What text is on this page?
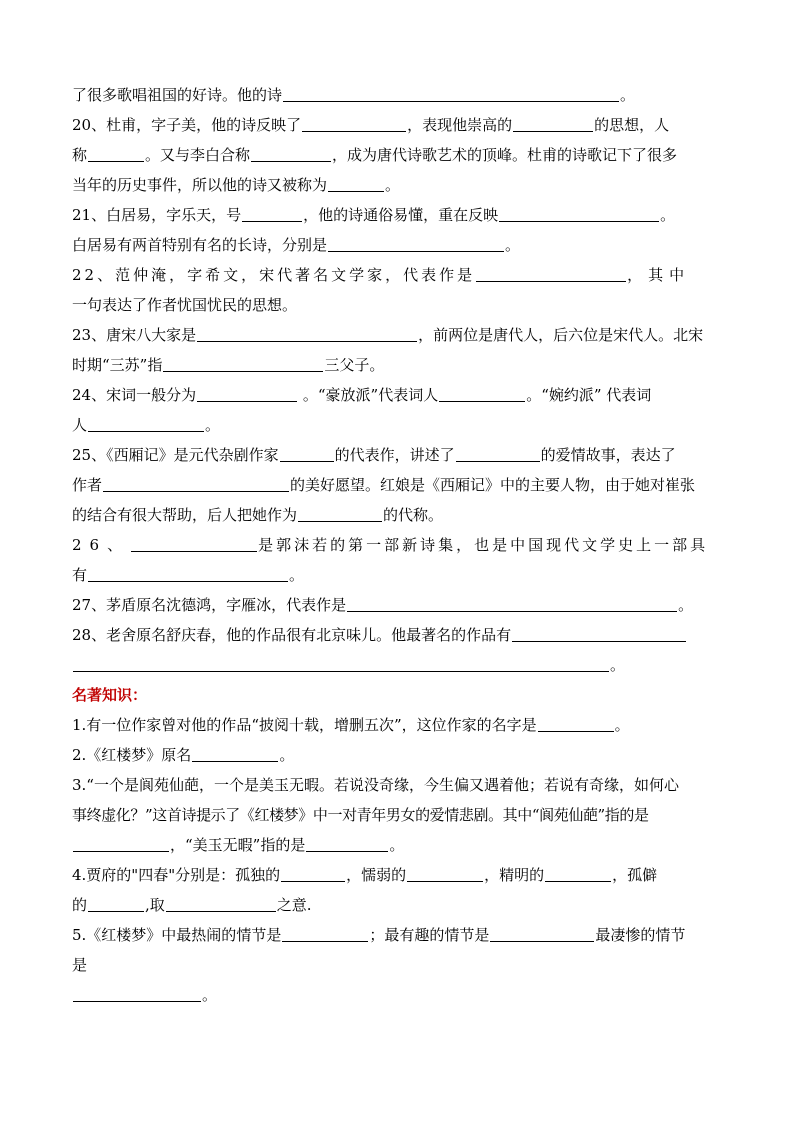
了很多歌唱祖国的好诗。他的诗	。
20、杜甫，字子美，他的诗反映了	，表现他崇高的	的思想，人
称	。又与李白合称	，成为唐代诗歌艺术的顶峰。杜甫的诗歌记下了很多
当年的历史事件，所以他的诗又被称为	。
21、白居易，字乐天，号	，他的诗通俗易懂，重在反映	。
白居易有两首特别有名的长诗，分别是	。
22、范仲淹，字希文，宋代著名文学家，代表作是	，其中
一句表达了作者忧国忧民的思想。
23、唐宋八大家是	，前两位是唐代人，后六位是宋代人。北宋
时期“三苏”指	三父子。
24、宋词一般分为	。“豪放派”代表词人	。“婉约派” 代表词
人	。
25、《西厢记》是元代杂剧作家	的代表作，讲述了	的爱情故事，表达了
作者	的美好愿望。红娘是《西厢记》中的主要人物，由于她对崔张
的结合有很大帮助，后人把她作为	的代称。
26、	是郭沫若的第一部新诗集，也是中国现代文学史上一部具
有	。
27、茅盾原名沈德鸿，字雁冰，代表作是	。
28、老舍原名舒庆春，他的作品很有北京味儿。他最著名的作品有
。
名著知识：
1.有一位作家曾对他的作品“披阅十载，增删五次”，这位作家的名字是	。
2.《红楼梦》原名	。
3.“一个是阆苑仙葩，一个是美玉无暇。若说没奇缘，今生偏又遇着他；若说有奇缘，如何心
事终虚化？”这首诗提示了《红楼梦》中一对青年男女的爱情悲剧。其中“阆苑仙葩”指的是
，“美玉无暇”指的是	。
4.贾府的"四春"分别是：孤独的	，懦弱的	，精明的	，孤僻
的	,取	之意.
5.《红楼梦》中最热闹的情节是	；最有趣的情节是	最凄惨的情节
是
。
